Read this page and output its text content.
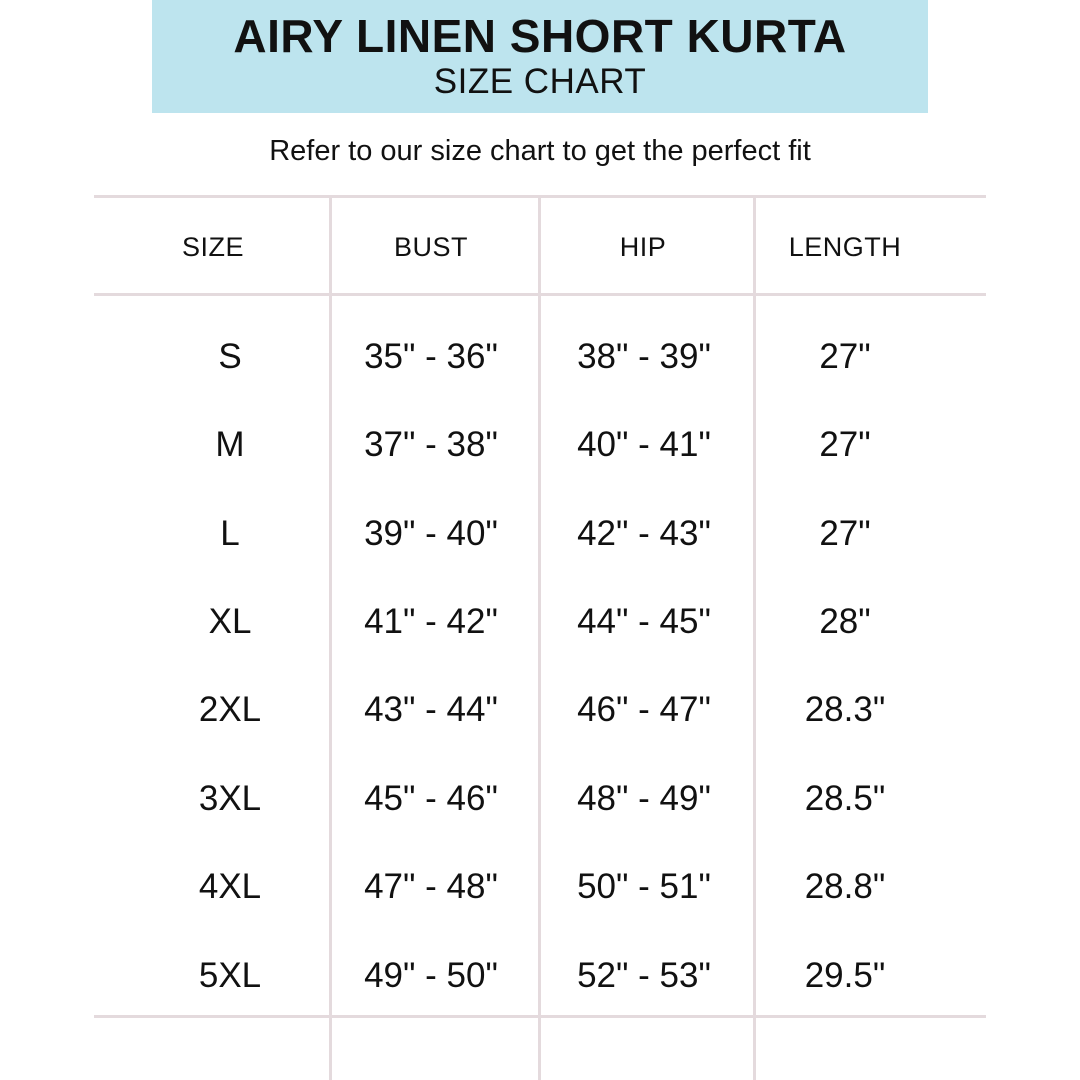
AIRY LINEN SHORT KURTA
SIZE CHART
Refer to our size chart to get the perfect fit
SIZE	BUST	HIP	LENGTH
S	35" - 36"	38" - 39"	27"
M	37" - 38"	40" - 41"	27"
L	39" - 40"	42" - 43"	27"
XL	41" - 42"	44" - 45"	28"
2XL	43" - 44"	46" - 47"	28.3"
3XL	45" - 46"	48" - 49"	28.5"
4XL	47" - 48"	50" - 51"	28.8"
5XL	49" - 50"	52" - 53"	29.5"
